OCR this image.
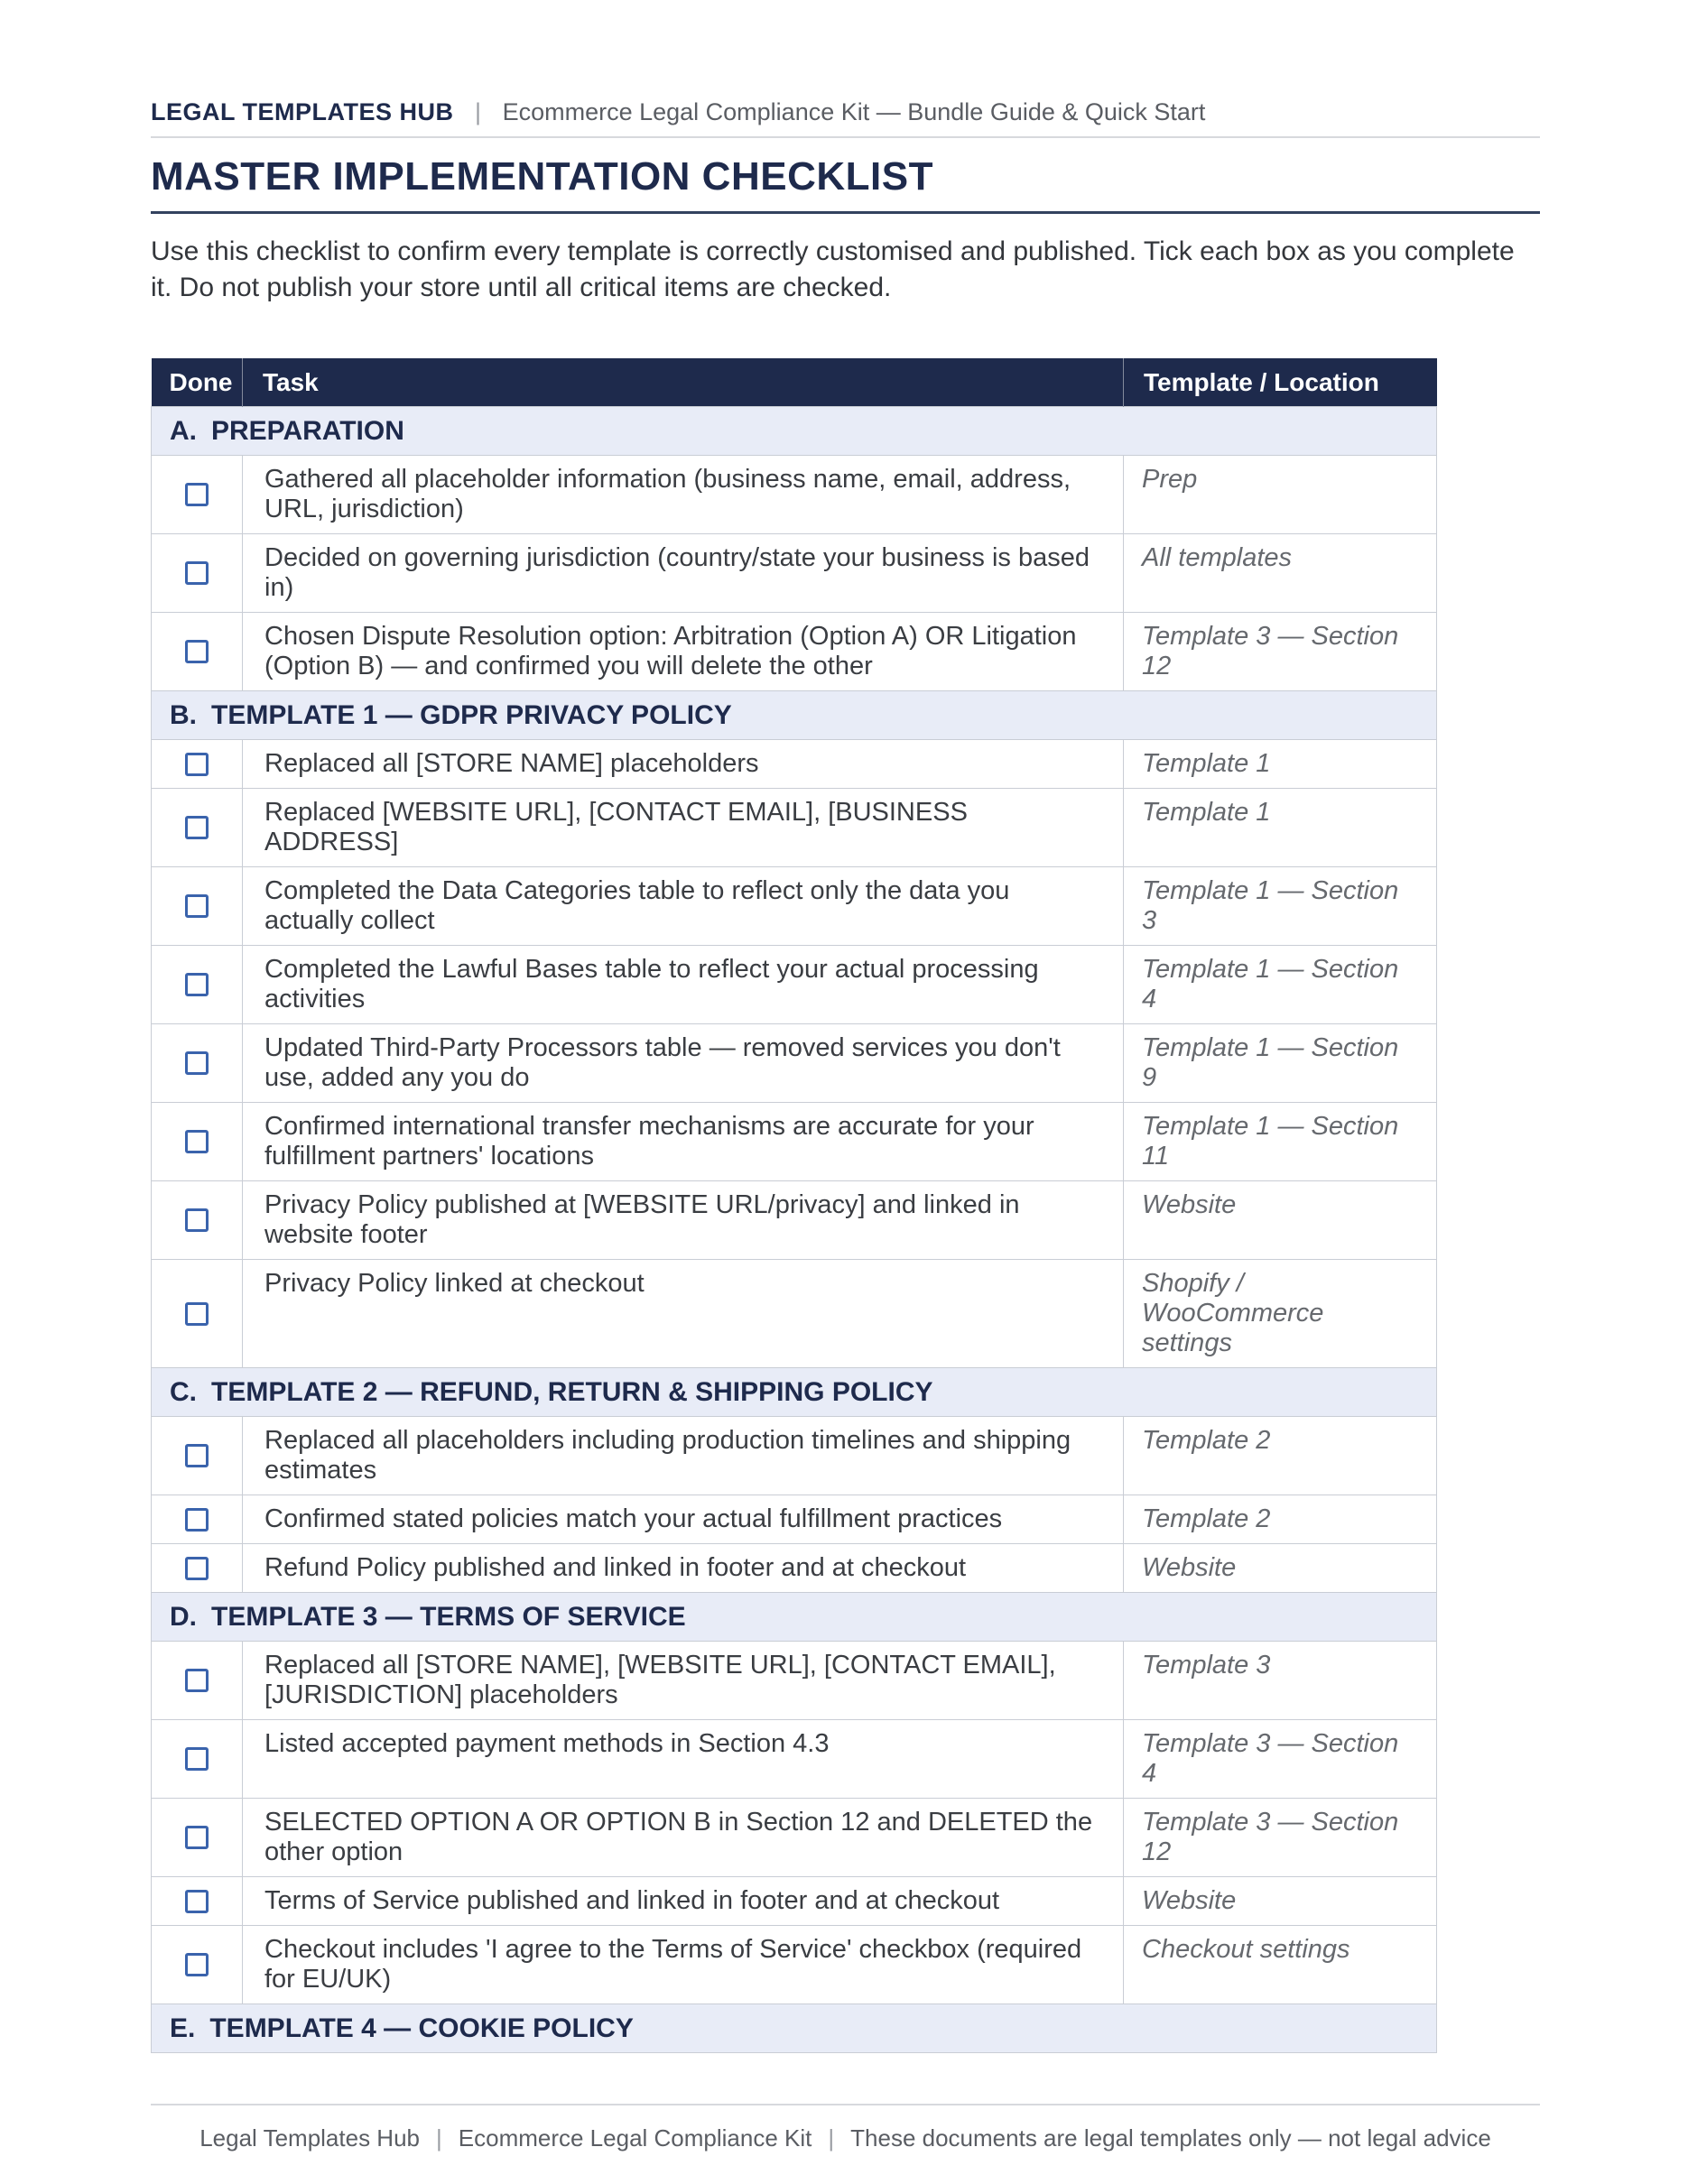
LEGAL TEMPLATES HUB | Ecommerce Legal Compliance Kit — Bundle Guide & Quick Start
MASTER IMPLEMENTATION CHECKLIST

Use this checklist to confirm every template is correctly customised and published. Tick each box as you complete it. Do not publish your store until all critical items are checked.

Done	Task	Template / Location
A. PREPARATION		
	Gathered all placeholder information (business name, email, address, URL, jurisdiction)	Prep
	Decided on governing jurisdiction (country/state your business is based in)	All templates
	Chosen Dispute Resolution option: Arbitration (Option A) OR Litigation (Option B) — and confirmed you will delete the other	Template 3 — Section 12
B. TEMPLATE 1 — GDPR PRIVACY POLICY		
	Replaced all [STORE NAME] placeholders	Template 1
	Replaced [WEBSITE URL], [CONTACT EMAIL], [BUSINESS ADDRESS]	Template 1
	Completed the Data Categories table to reflect only the data you actually collect	Template 1 — Section 3
	Completed the Lawful Bases table to reflect your actual processing activities	Template 1 — Section 4
	Updated Third-Party Processors table — removed services you don't use, added any you do	Template 1 — Section 9
	Confirmed international transfer mechanisms are accurate for your fulfillment partners' locations	Template 1 — Section 11
	Privacy Policy published at [WEBSITE URL/privacy] and linked in website footer	Website
	Privacy Policy linked at checkout	Shopify / WooCommerce settings
C. TEMPLATE 2 — REFUND, RETURN & SHIPPING POLICY		
	Replaced all placeholders including production timelines and shipping estimates	Template 2
	Confirmed stated policies match your actual fulfillment practices	Template 2
	Refund Policy published and linked in footer and at checkout	Website
D. TEMPLATE 3 — TERMS OF SERVICE		
	Replaced all [STORE NAME], [WEBSITE URL], [CONTACT EMAIL], [JURISDICTION] placeholders	Template 3
	Listed accepted payment methods in Section 4.3	Template 3 — Section 4
	SELECTED OPTION A OR OPTION B in Section 12 and DELETED the other option	Template 3 — Section 12
	Terms of Service published and linked in footer and at checkout	Website
	Checkout includes 'I agree to the Terms of Service' checkbox (required for EU/UK)	Checkout settings
E. TEMPLATE 4 — COOKIE POLICY		

Legal Templates Hub | Ecommerce Legal Compliance Kit | These documents are legal templates only — not legal advice
